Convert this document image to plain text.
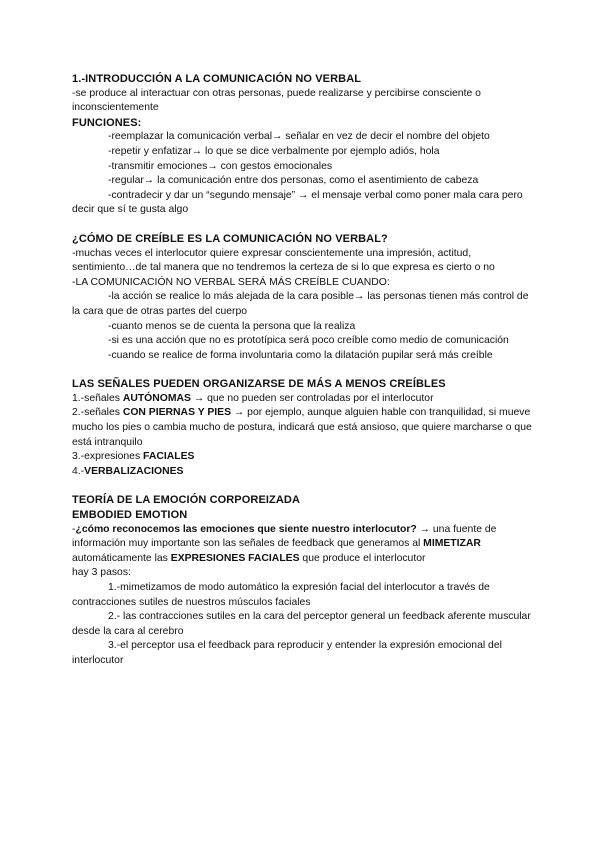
1.-INTRODUCCIÓN A LA COMUNICACIÓN NO VERBAL
-se produce al interactuar con otras personas, puede realizarse y percibirse consciente o inconscientemente
FUNCIONES:
-reemplazar la comunicación verbal→ señalar en vez de decir el nombre del objeto
-repetir y enfatizar→ lo que se dice verbalmente por ejemplo adiós, hola
-transmitir emociones→ con gestos emocionales
-regular→ la comunicación entre dos personas, como el asentimiento de cabeza
-contradecir y dar un “segundo mensaje” → el mensaje verbal como poner mala cara pero decir que sí te gusta algo
¿CÓMO DE CREÍBLE ES LA COMUNICACIÓN NO VERBAL?
-muchas veces el interlocutor quiere expresar conscientemente una impresión, actitud, sentimiento…de tal manera que no tendremos la certeza de si lo que expresa es cierto o no
-LA COMUNICACIÓN NO VERBAL SERÁ MÁS CREÍBLE CUANDO:
-la acción se realice lo más alejada de la cara posible→ las personas tienen más control de la cara que de otras partes del cuerpo
-cuanto menos se de cuenta la persona que la realiza
-si es una acción que no es prototípica será poco creíble como medio de comunicación
-cuando se realice de forma involuntaria como la dilatación pupilar será más creíble
LAS SEÑALES PUEDEN ORGANIZARSE DE MÁS A MENOS CREÍBLES
1.-señales AUTÓNOMAS → que no pueden ser controladas por el interlocutor
2.-señales CON PIERNAS Y PIES → por ejemplo, aunque alguien hable con tranquilidad, si mueve mucho los pies o cambia mucho de postura, indicará que está ansioso, que quiere marcharse o que está intranquilo
3.-expresiones FACIALES
4.-VERBALIZACIONES
TEORÍA DE LA EMOCIÓN CORPOREIZADA
EMBODIED EMOTION
-¿cómo reconocemos las emociones que siente nuestro interlocutor? → una fuente de información muy importante son las señales de feedback que generamos al MIMETIZAR automáticamente las EXPRESIONES FACIALES que produce el interlocutor
hay 3 pasos:
1.-mimetizamos de modo automático la expresión facial del interlocutor a través de contracciones sutiles de nuestros músculos faciales
2.- las contracciones sutiles en la cara del perceptor general un feedback aferente muscular desde la cara al cerebro
3.-el perceptor usa el feedback para reproducir y entender la expresión emocional del interlocutor
